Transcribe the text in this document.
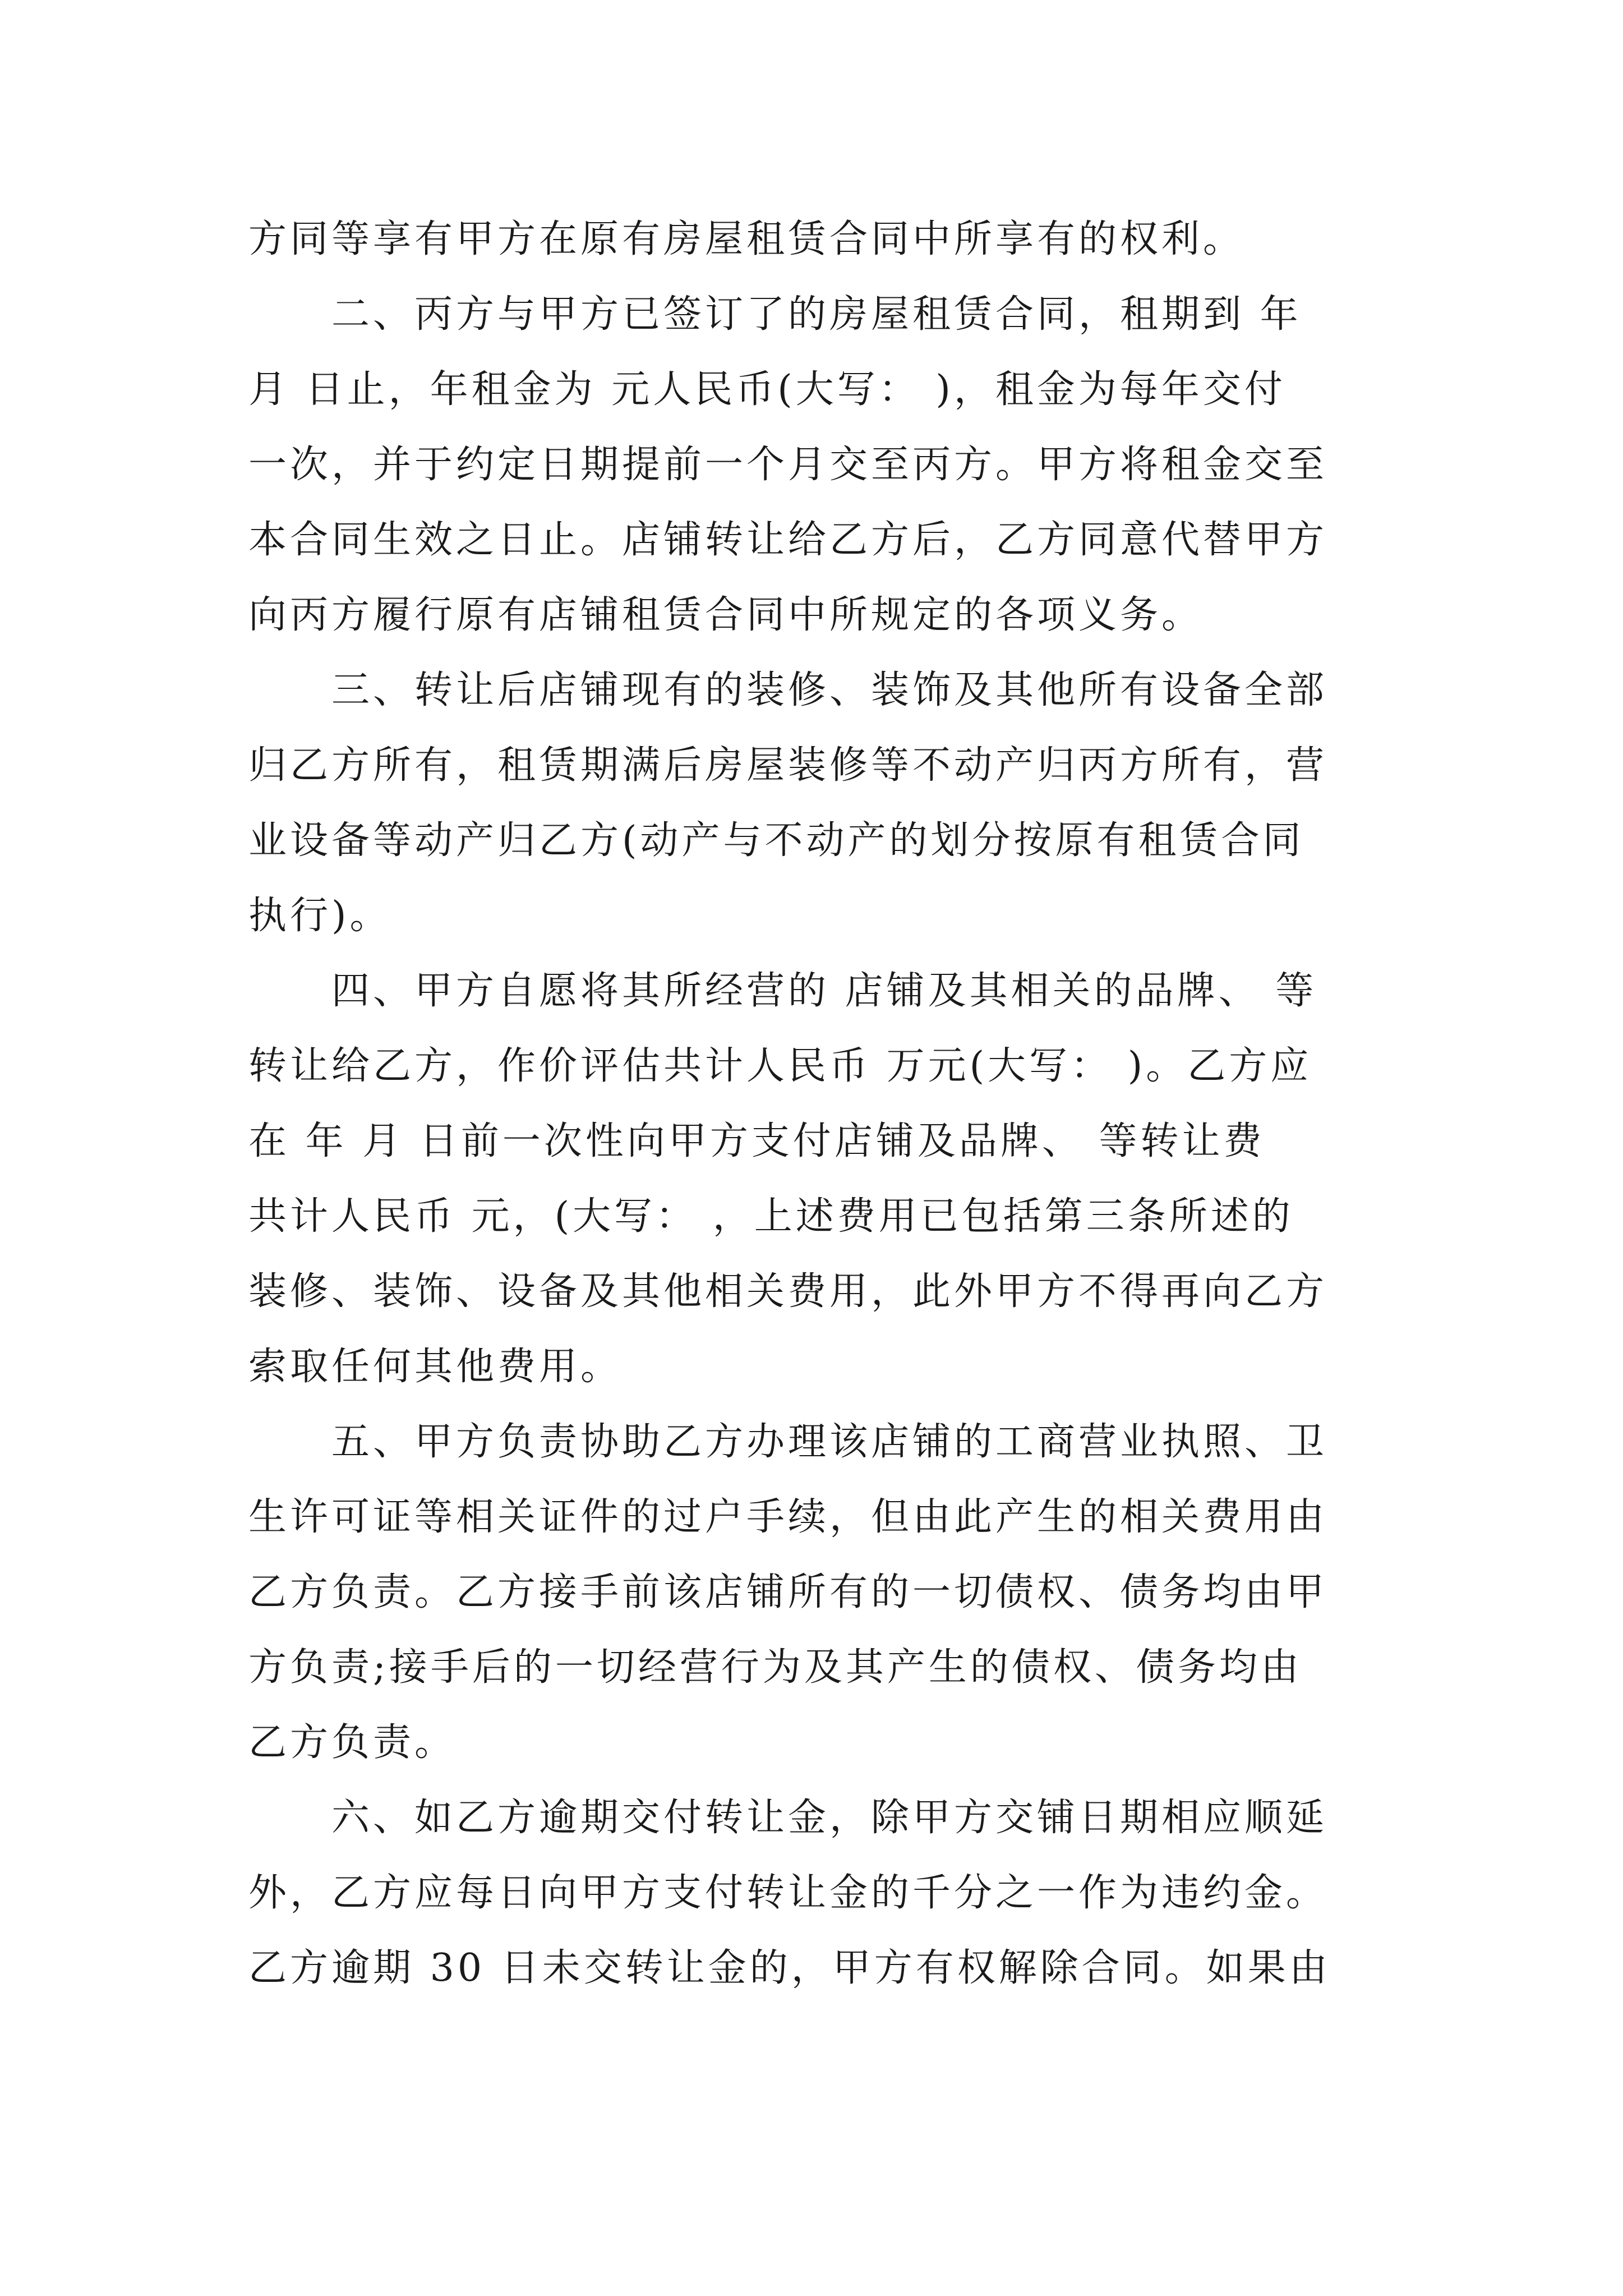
方同等享有甲方在原有房屋租赁合同中所享有的权利。
二、丙方与甲方已签订了的房屋租赁合同，租期到 年
月 日止，年租金为 元人民币(大写： )，租金为每年交付
一次，并于约定日期提前一个月交至丙方。甲方将租金交至
本合同生效之日止。店铺转让给乙方后，乙方同意代替甲方
向丙方履行原有店铺租赁合同中所规定的各项义务。
三、转让后店铺现有的装修、装饰及其他所有设备全部
归乙方所有，租赁期满后房屋装修等不动产归丙方所有，营
业设备等动产归乙方(动产与不动产的划分按原有租赁合同
执行)。
四、甲方自愿将其所经营的 店铺及其相关的品牌、 等
转让给乙方，作价评估共计人民币 万元(大写： )。乙方应
在 年 月 日前一次性向甲方支付店铺及品牌、 等转让费
共计人民币 元，(大写： ，上述费用已包括第三条所述的
装修、装饰、设备及其他相关费用，此外甲方不得再向乙方
索取任何其他费用。
五、甲方负责协助乙方办理该店铺的工商营业执照、卫
生许可证等相关证件的过户手续，但由此产生的相关费用由
乙方负责。乙方接手前该店铺所有的一切债权、债务均由甲
方负责;接手后的一切经营行为及其产生的债权、债务均由
乙方负责。
六、如乙方逾期交付转让金，除甲方交铺日期相应顺延
外，乙方应每日向甲方支付转让金的千分之一作为违约金。
乙方逾期 30 日未交转让金的，甲方有权解除合同。如果由
